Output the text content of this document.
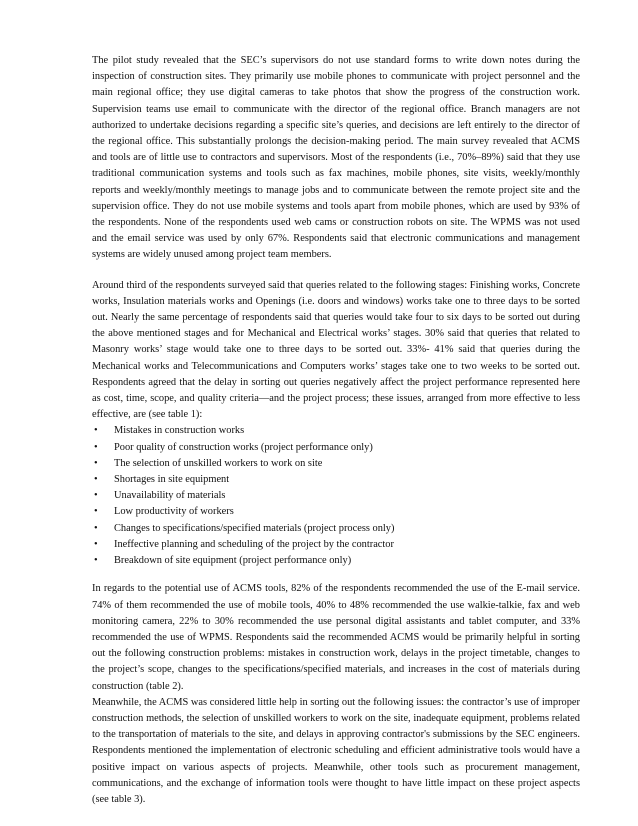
The pilot study revealed that the SEC’s supervisors do not use standard forms to write down notes during the inspection of construction sites. They primarily use mobile phones to communicate with project personnel and the main regional office; they use digital cameras to take photos that show the progress of the construction work. Supervision teams use email to communicate with the director of the regional office. Branch managers are not authorized to undertake decisions regarding a specific site’s queries, and decisions are left entirely to the director of the regional office. This substantially prolongs the decision-making period. The main survey revealed that ACMS and tools are of little use to contractors and supervisors. Most of the respondents (i.e., 70%–89%) said that they use traditional communication systems and tools such as fax machines, mobile phones, site visits, weekly/monthly reports and weekly/monthly meetings to manage jobs and to communicate between the remote project site and the supervision office. They do not use mobile systems and tools apart from mobile phones, which are used by 93% of the respondents. None of the respondents used web cams or construction robots on site. The WPMS was not used and the email service was used by only 67%. Respondents said that electronic communications and management systems are widely unused among project team members.

Around third of the respondents surveyed said that queries related to the following stages: Finishing works, Concrete works, Insulation materials works and Openings (i.e. doors and windows) works take one to three days to be sorted out. Nearly the same percentage of respondents said that queries would take four to six days to be sorted out during the above mentioned stages and for Mechanical and Electrical works’ stages. 30% said that queries that related to Masonry works’ stage would take one to three days to be sorted out. 33%- 41% said that queries during the Mechanical works and Telecommunications and Computers works’ stages take one to two weeks to be sorted out. Respondents agreed that the delay in sorting out queries negatively affect the project performance represented here as cost, time, scope, and quality criteria—and the project process; these issues, arranged from more effective to less effective, are (see table 1):

• Mistakes in construction works
• Poor quality of construction works (project performance only)
• The selection of unskilled workers to work on site
• Shortages in site equipment
• Unavailability of materials
• Low productivity of workers
• Changes to specifications/specified materials (project process only)
• Ineffective planning and scheduling of the project by the contractor
• Breakdown of site equipment (project performance only)

In regards to the potential use of ACMS tools, 82% of the respondents recommended the use of the E-mail service. 74% of them recommended the use of mobile tools, 40% to 48% recommended the use walkie-talkie, fax and web monitoring camera, 22% to 30% recommended the use personal digital assistants and tablet computer, and 33% recommended the use of WPMS. Respondents said the recommended ACMS would be primarily helpful in sorting out the following construction problems: mistakes in construction work, delays in the project timetable, changes to the project’s scope, changes to the specifications/specified materials, and increases in the cost of materials during construction (table 2).

Meanwhile, the ACMS was considered little help in sorting out the following issues: the contractor’s use of improper construction methods, the selection of unskilled workers to work on the site, inadequate equipment, problems related to the transportation of materials to the site, and delays in approving contractor's submissions by the SEC engineers. Respondents mentioned the implementation of electronic scheduling and efficient administrative tools would have a positive impact on various aspects of projects. Meanwhile, other tools such as procurement management, communications, and the exchange of information tools were thought to have little impact on these project aspects (see table 3).
